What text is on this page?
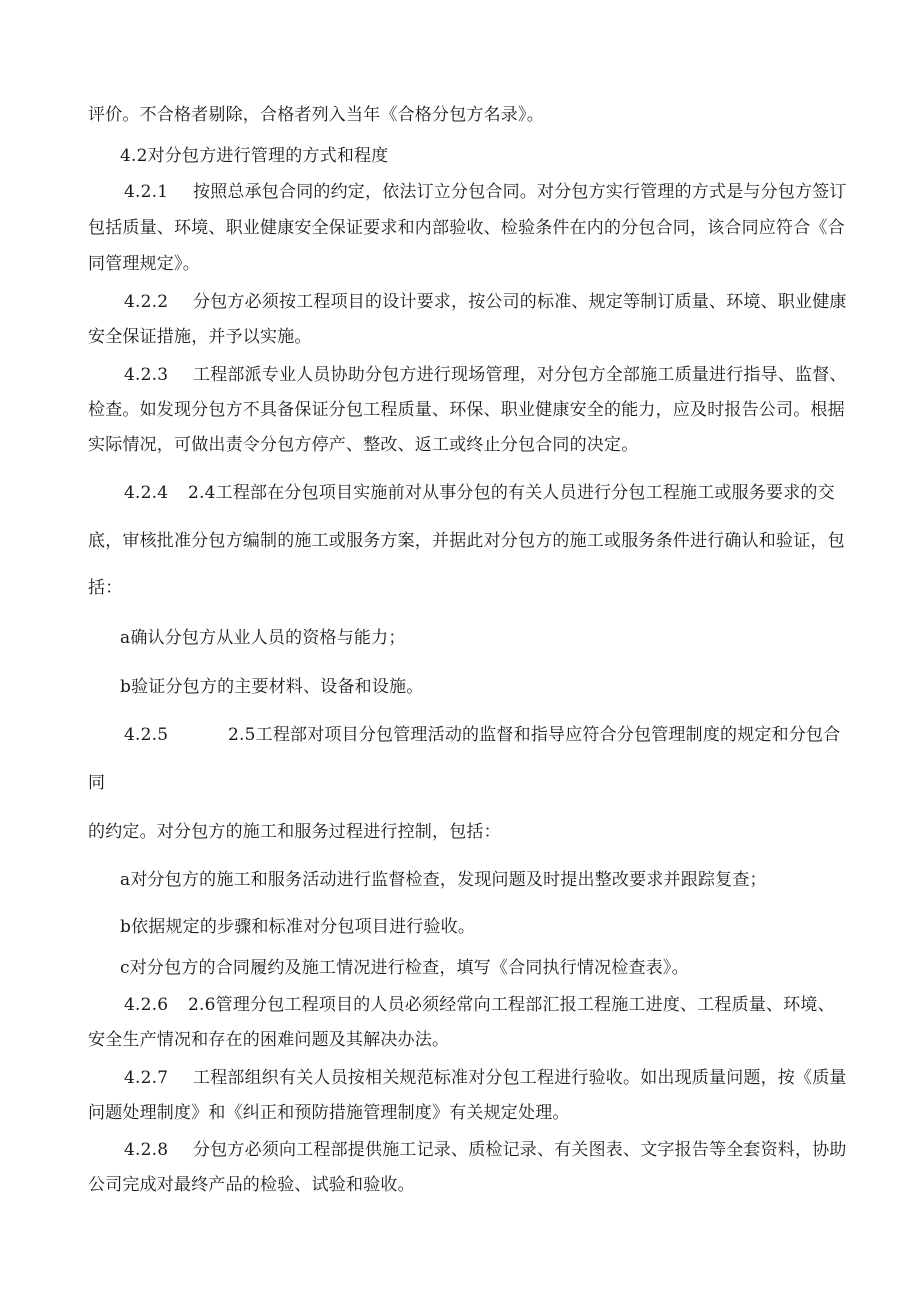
评价。不合格者剔除，合格者列入当年《合格分包方名录》。
4.2对分包方进行管理的方式和程度
4.2.1 按照总承包合同的约定，依法订立分包合同。对分包方实行管理的方式是与分包方签订
包括质量、环境、职业健康安全保证要求和内部验收、检验条件在内的分包合同，该合同应符合《合
同管理规定》。
4.2.2 分包方必须按工程项目的设计要求，按公司的标准、规定等制订质量、环境、职业健康
安全保证措施，并予以实施。
4.2.3 工程部派专业人员协助分包方进行现场管理，对分包方全部施工质量进行指导、监督、
检查。如发现分包方不具备保证分包工程质量、环保、职业健康安全的能力，应及时报告公司。根据
实际情况，可做出责令分包方停产、整改、返工或终止分包合同的决定。
4.2.4 2.4工程部在分包项目实施前对从事分包的有关人员进行分包工程施工或服务要求的交
底，审核批准分包方编制的施工或服务方案，并据此对分包方的施工或服务条件进行确认和验证，包
括：
a确认分包方从业人员的资格与能力；
b验证分包方的主要材料、设备和设施。
4.2.5	2.5工程部对项目分包管理活动的监督和指导应符合分包管理制度的规定和分包合
同
的约定。对分包方的施工和服务过程进行控制，包括：
a对分包方的施工和服务活动进行监督检查，发现问题及时提出整改要求并跟踪复查；
b依据规定的步骤和标准对分包项目进行验收。
c对分包方的合同履约及施工情况进行检查，填写《合同执行情况检查表》。
4.2.6 2.6管理分包工程项目的人员必须经常向工程部汇报工程施工进度、工程质量、环境、
安全生产情况和存在的困难问题及其解决办法。
4.2.7 工程部组织有关人员按相关规范标准对分包工程进行验收。如出现质量问题，按《质量
问题处理制度》和《纠正和预防措施管理制度》有关规定处理。
4.2.8 分包方必须向工程部提供施工记录、质检记录、有关图表、文字报告等全套资料，协助
公司完成对最终产品的检验、试验和验收。
